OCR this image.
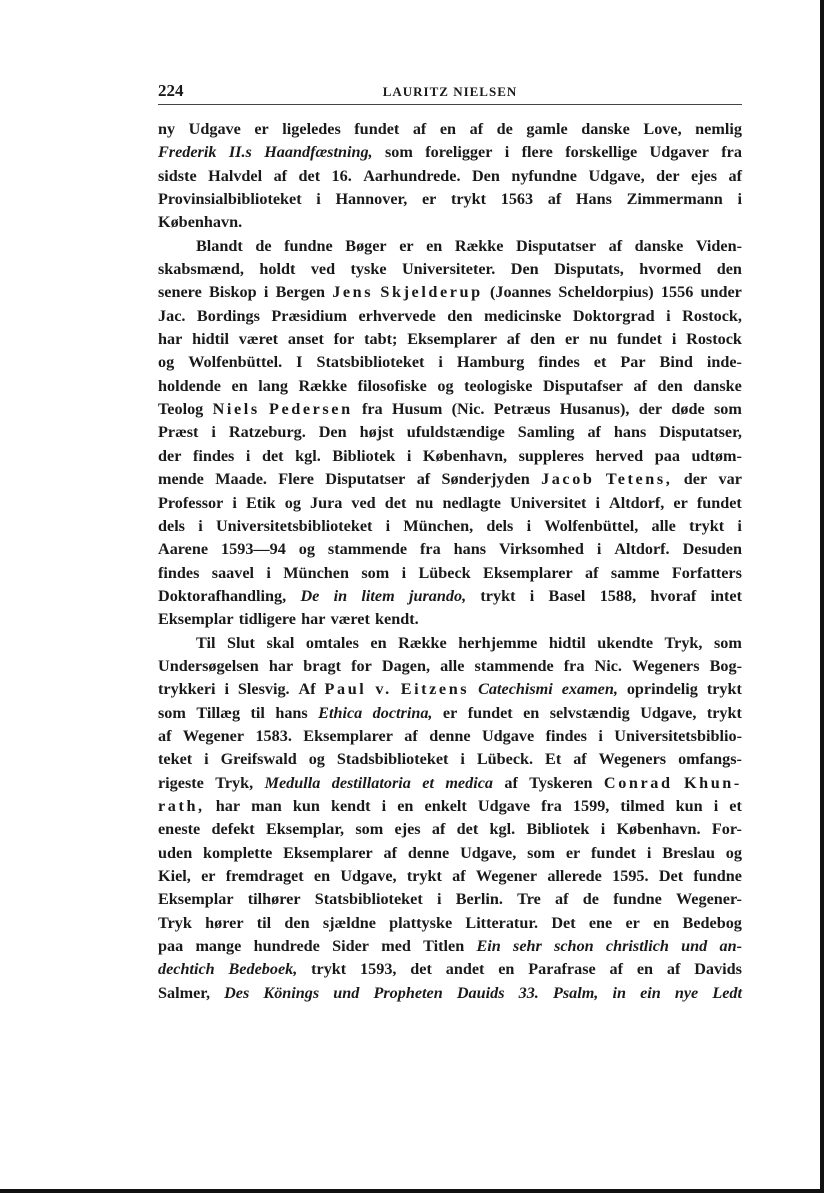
224	LAURITZ NIELSEN
ny Udgave er ligeledes fundet af en af de gamle danske Love, nemlig
Frederik II.s Haandfæstning, som foreligger i flere forskellige Udgaver fra
sidste Halvdel af det 16. Aarhundrede. Den nyfundne Udgave, der ejes af
Provinsialbiblioteket i Hannover, er trykt 1563 af Hans Zimmermann i
København.
Blandt de fundne Bøger er en Række Disputatser af danske Viden-
skabsmænd, holdt ved tyske Universiteter. Den Disputats, hvormed den
senere Biskop i Bergen Jens Skjelderup (Joannes Scheldorpius) 1556 under
Jac. Bordings Præsidium erhvervede den medicinske Doktorgrad i Rostock,
har hidtil været anset for tabt; Eksemplarer af den er nu fundet i Rostock
og Wolfenbüttel. I Statsbiblioteket i Hamburg findes et Par Bind inde-
holdende en lang Række filosofiske og teologiske Disputafser af den danske
Teolog Niels Pedersen fra Husum (Nic. Petræus Husanus), der døde som
Præst i Ratzeburg. Den højst ufuldstændige Samling af hans Disputatser,
der findes i det kgl. Bibliotek i København, suppleres herved paa udtøm-
mende Maade. Flere Disputatser af Sønderjyden Jacob Tetens, der var
Professor i Etik og Jura ved det nu nedlagte Universitet i Altdorf, er fundet
dels i Universitetsbiblioteket i München, dels i Wolfenbüttel, alle trykt i
Aarene 1593—94 og stammende fra hans Virksomhed i Altdorf. Desuden
findes saavel i München som i Lübeck Eksemplarer af samme Forfatters
Doktorafhandling, De in litem jurando, trykt i Basel 1588, hvoraf intet
Eksemplar tidligere har været kendt.
Til Slut skal omtales en Række herhjemme hidtil ukendte Tryk, som
Undersøgelsen har bragt for Dagen, alle stammende fra Nic. Wegeners Bog-
trykkeri i Slesvig. Af Paul v. Eitzens Catechismi examen, oprindelig trykt
som Tillæg til hans Ethica doctrina, er fundet en selvstændig Udgave, trykt
af Wegener 1583. Eksemplarer af denne Udgave findes i Universitetsbiblio-
teket i Greifswald og Stadsbiblioteket i Lübeck. Et af Wegeners omfangs-
rigeste Tryk, Medulla destillatoria et medica af Tyskeren Conrad Khun-
rath, har man kun kendt i en enkelt Udgave fra 1599, tilmed kun i et
eneste defekt Eksemplar, som ejes af det kgl. Bibliotek i København. For-
uden komplette Eksemplarer af denne Udgave, som er fundet i Breslau og
Kiel, er fremdraget en Udgave, trykt af Wegener allerede 1595. Det fundne
Eksemplar tilhører Statsbiblioteket i Berlin. Tre af de fundne Wegener-
Tryk hører til den sjældne plattyske Litteratur. Det ene er en Bedebog
paa mange hundrede Sider med Titlen Ein sehr schon christlich und an-
dechtich Bedeboek, trykt 1593, det andet en Parafrase af en af Davids
Salmer, Des Könings und Propheten Dauids 33. Psalm, in ein nye Ledt
